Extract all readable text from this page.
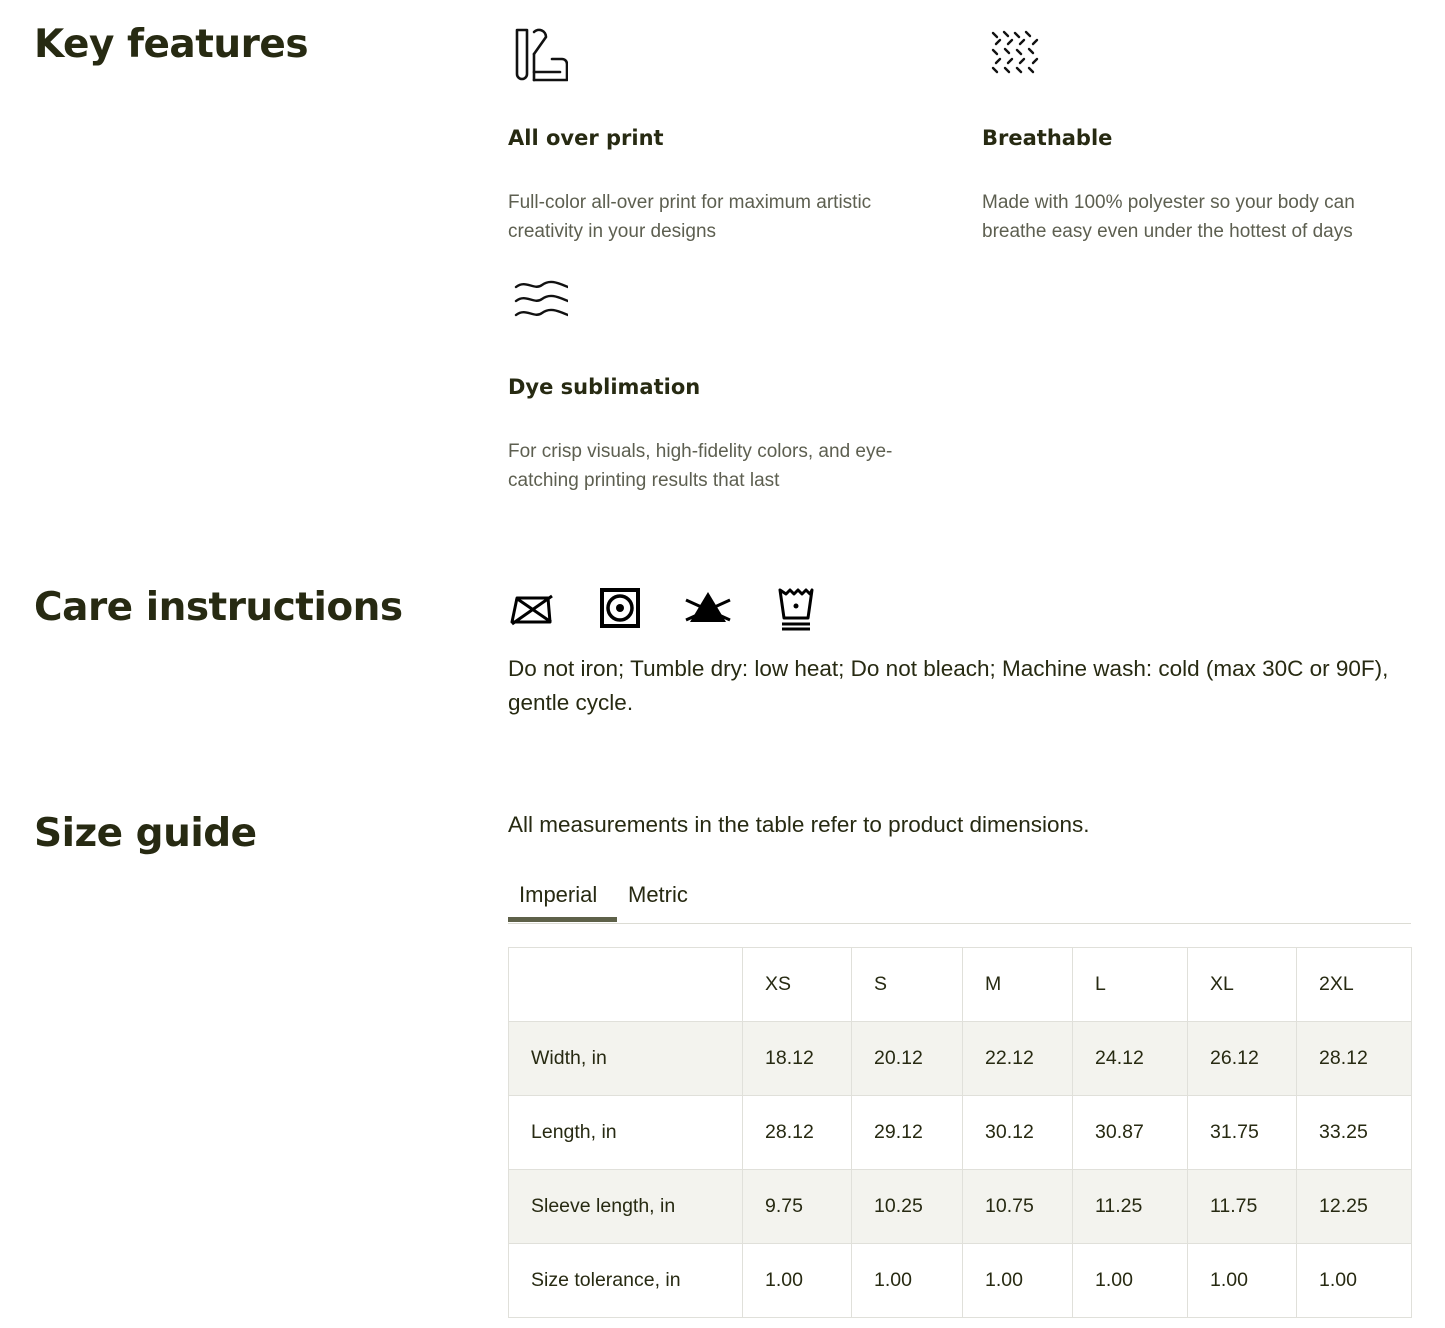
Key features
All over print

Full-color all-over print for maximum artistic creativity in your designs

Breathable

Made with 100% polyester so your body can breathe easy even under the hottest of days

Dye sublimation

For crisp visuals, high-fidelity colors, and eye-catching printing results that last

Care instructions

Do not iron; Tumble dry: low heat; Do not bleach; Machine wash: cold (max 30C or 90F), gentle cycle.

Size guide	All measurements in the table refer to product dimensions.

Imperial Metric
	XS	S	M	L	XL	2XL
Width, in	18.12	20.12	22.12	24.12	26.12	28.12
Length, in	28.12	29.12	30.12	30.87	31.75	33.25
Sleeve length, in	9.75	10.25	10.75	11.25	11.75	12.25
Size tolerance, in	1.00	1.00	1.00	1.00	1.00	1.00
